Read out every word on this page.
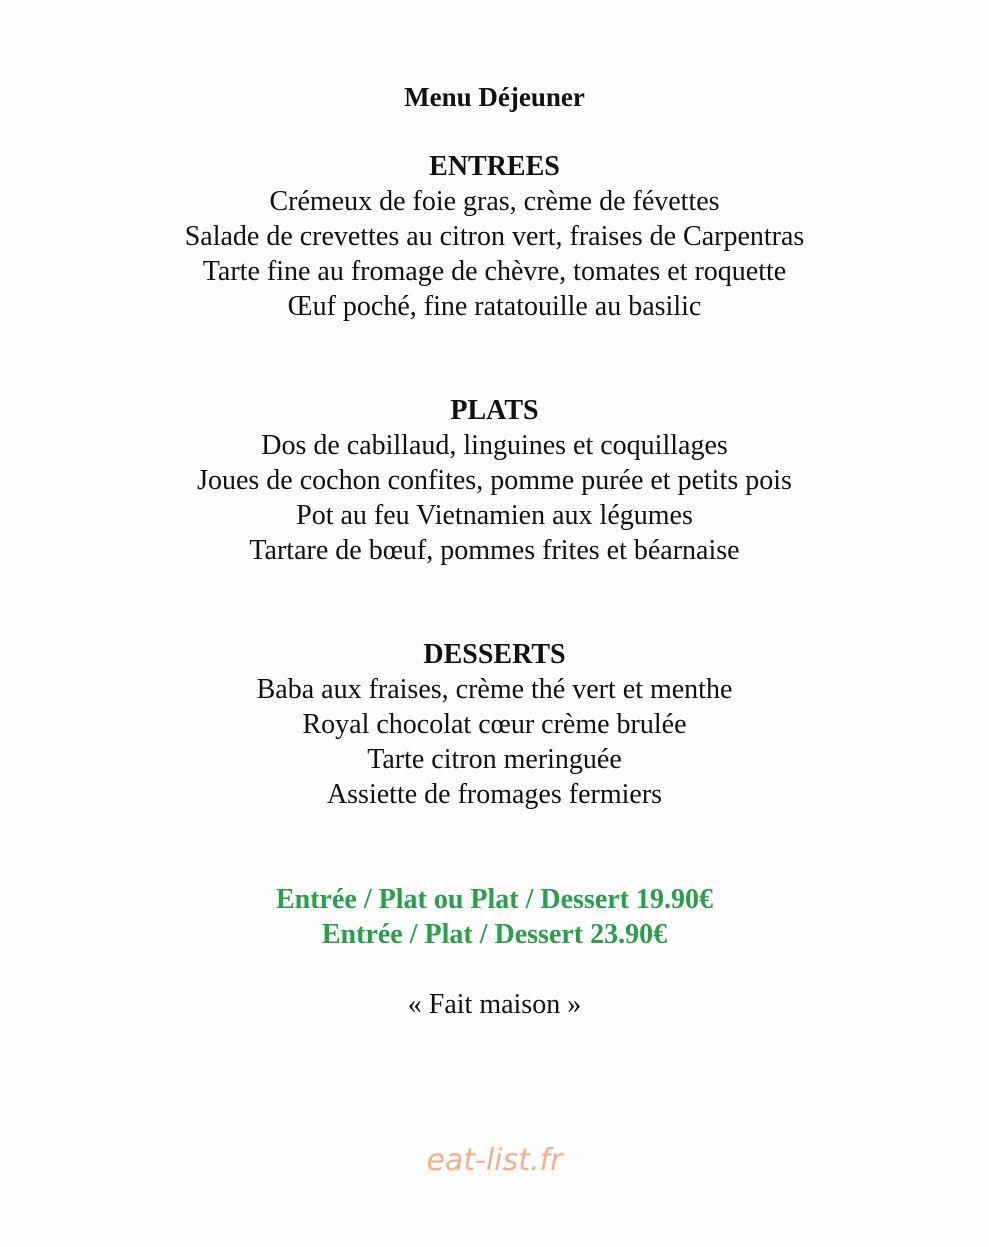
Menu Déjeuner
ENTREES
Crémeux de foie gras, crème de févettes
Salade de crevettes au citron vert, fraises de Carpentras
Tarte fine au fromage de chèvre, tomates et roquette
Œuf poché, fine ratatouille au basilic
PLATS
Dos de cabillaud, linguines et coquillages
Joues de cochon confites, pomme purée et petits pois
Pot au feu Vietnamien aux légumes
Tartare de bœuf, pommes frites et béarnaise
DESSERTS
Baba aux fraises, crème thé vert et menthe
Royal chocolat cœur crème brulée
Tarte citron meringuée
Assiette de fromages fermiers
Entrée / Plat ou Plat / Dessert 19.90€
Entrée / Plat / Dessert 23.90€
« Fait maison »
eat-list.fr
